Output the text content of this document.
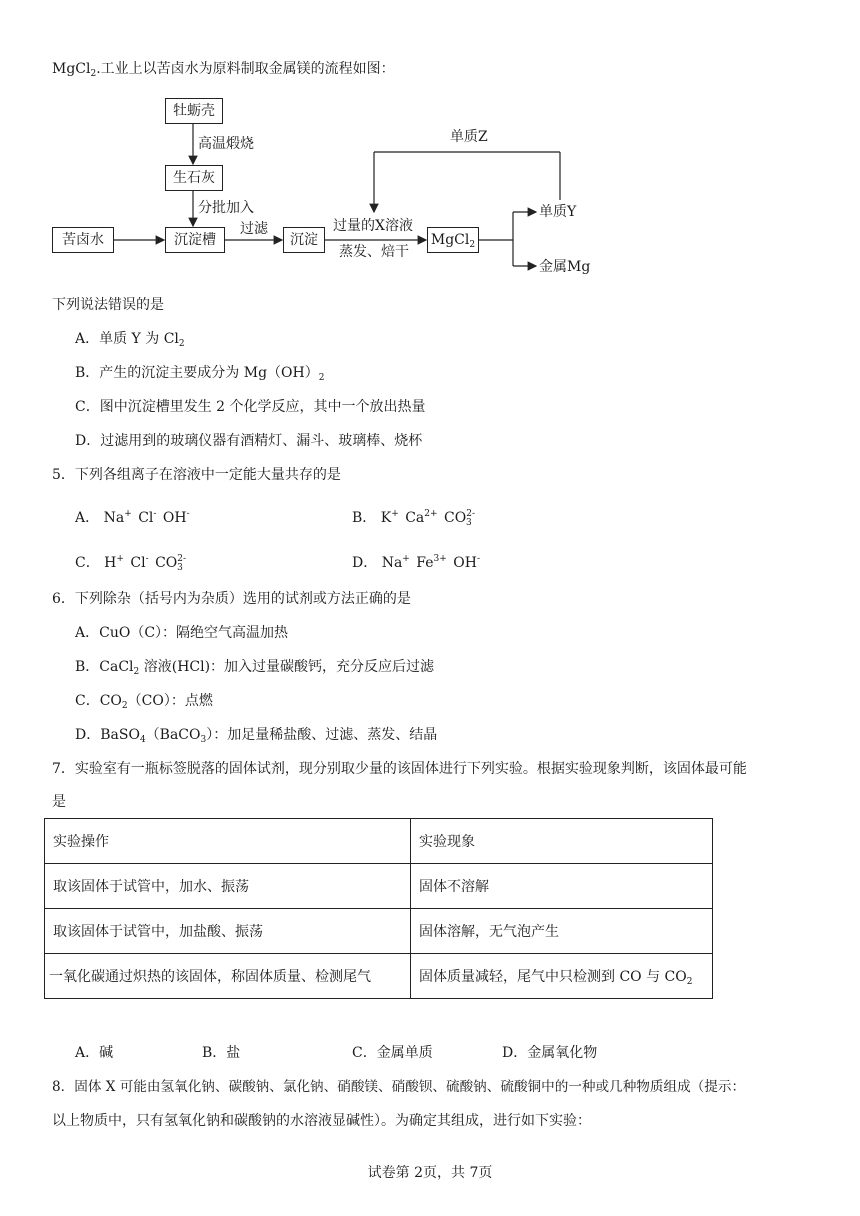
MgCl$_2$.工业上以苦卤水为原料制取金属镁的流程如图：
牡蛎壳
高温煅烧
生石灰
分批加入
苦卤水	沉淀槽
过滤
沉淀
过量的X溶液
蒸发、焙干
MgCl$_2$
单质Z
单质Y
金属Mg
下列说法错误的是
A．单质 Y 为 $Cl_2$
B．产生的沉淀主要成分为 $Mg(OH)_2$
C．图中沉淀槽里发生 2 个化学反应，其中一个放出热量
D．过滤用到的玻璃仪器有酒精灯、漏斗、玻璃棒、烧杯
5．下列各组离子在溶液中一定能大量共存的是
A． Na+ Cl- OH-	B． K+ $Ca^{2+}$ $CO^{2-}_3$
C． H+ Cl- $CO^{2-}_3$	D． Na+ $Fe^{3+}$ OH-
6．下列除杂（括号内为杂质）选用的试剂或方法正确的是
A．CuO（C）：隔绝空气高温加热
B．CaCl$_2$ 溶液(HCl)：加入过量碳酸钙，充分反应后过滤
C．$CO_2(CO)$：点燃
D．BaSO$_4$（BaCO$_3$）：加足量稀盐酸、过滤、蒸发、结晶
7．实验室有一瓶标签脱落的固体试剂，现分别取少量的该固体进行下列实验。根据实验现象判断，该固体最可能
是
实验操作	实验现象
取该固体于试管中，加水、振荡	固体不溶解
取该固体于试管中，加盐酸、振荡	固体溶解，无气泡产生
一氧化碳通过炽热的该固体，称固体质量、检测尾气	固体质量减轻，尾气中只检测到 CO 与 $CO_2$
A．碱	B．盐	C．金属单质	D．金属氧化物
8．固体 X 可能由氢氧化钠、碳酸钠、氯化钠、硝酸镁、硝酸钡、硫酸钠、硫酸铜中的一种或几种物质组成（提示：
以上物质中，只有氢氧化钠和碳酸钠的水溶液显碱性）。为确定其组成，进行如下实验：
试卷第 2页，共 7页
